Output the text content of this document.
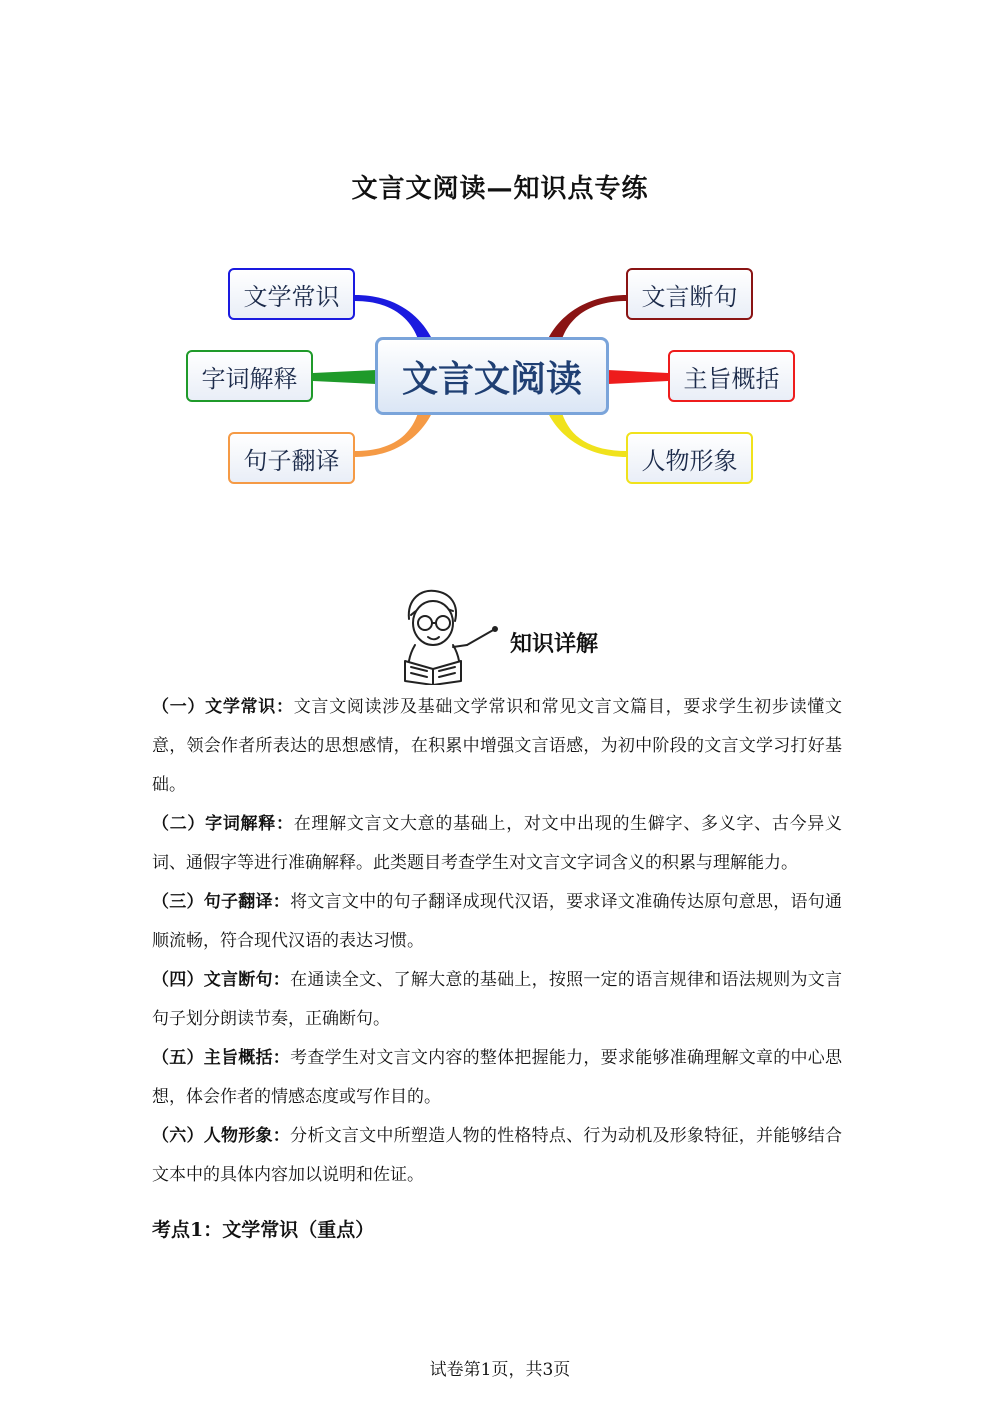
文言文阅读—知识点专练
文言文阅读
文学常识
字词解释
句子翻译
文言断句
主旨概括
人物形象
知识详解

（一）文学常识：文言文阅读涉及基础文学常识和常见文言文篇目，要求学生初步读懂文意，领会作者所表达的思想感情，在积累中增强文言语感，为初中阶段的文言文学习打好基础。

（二）字词解释：在理解文言文大意的基础上，对文中出现的生僻字、多义字、古今异义词、通假字等进行准确解释。此类题目考查学生对文言文字词含义的积累与理解能力。

（三）句子翻译：将文言文中的句子翻译成现代汉语，要求译文准确传达原句意思，语句通顺流畅，符合现代汉语的表达习惯。

（四）文言断句：在通读全文、了解大意的基础上，按照一定的语言规律和语法规则为文言句子划分朗读节奏，正确断句。

（五）主旨概括：考查学生对文言文内容的整体把握能力，要求能够准确理解文章的中心思想，体会作者的情感态度或写作目的。

（六）人物形象：分析文言文中所塑造人物的性格特点、行为动机及形象特征，并能够结合文本中的具体内容加以说明和佐证。

考点1：文学常识（重点）
试卷第1页，共3页
